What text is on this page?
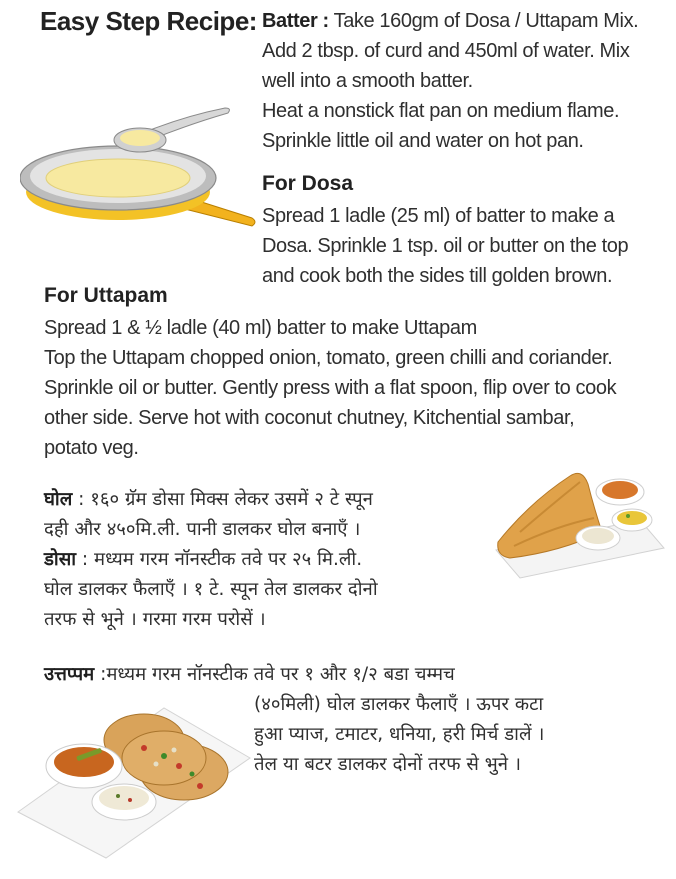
Easy Step Recipe: Batter : Take 160gm of Dosa / Uttapam Mix.
Add 2 tbsp. of curd and 450ml of water. Mix
well into a smooth batter.
Heat a nonstick flat pan on medium flame.
Sprinkle little oil and water on hot pan.
For Dosa
Spread 1 ladle (25 ml) of batter to make a
Dosa. Sprinkle 1 tsp. oil or butter on the top
and cook both the sides till golden brown.
For Uttapam
Spread 1 & ½ ladle (40 ml) batter to make Uttapam
Top the Uttapam chopped onion, tomato, green chilli and coriander.
Sprinkle oil or butter. Gently press with a flat spoon, flip over to cook
other side. Serve hot with coconut chutney, Kitchential sambar,
potato veg.
घोल : १६० ग्रॅम डोसा मिक्स लेकर उसमें २ टे स्पून
दही और ४५०मि.ली. पानी डालकर घोल बनाएँ ।
डोसा : मध्यम गरम नॉनस्टीक तवे पर २५ मि.ली.
घोल डालकर फैलाएँ । १ टे. स्पून तेल डालकर दोनो
तरफ से भूने । गरमा गरम परोसें ।
उत्तप्पम :मध्यम गरम नॉनस्टीक तवे पर १ और १/२ बडा चम्मच
(४०मिली) घोल डालकर फैलाएँ । ऊपर कटा
हुआ प्याज, टमाटर, धनिया, हरी मिर्च डालें ।
तेल या बटर डालकर दोनों तरफ से भुने ।
